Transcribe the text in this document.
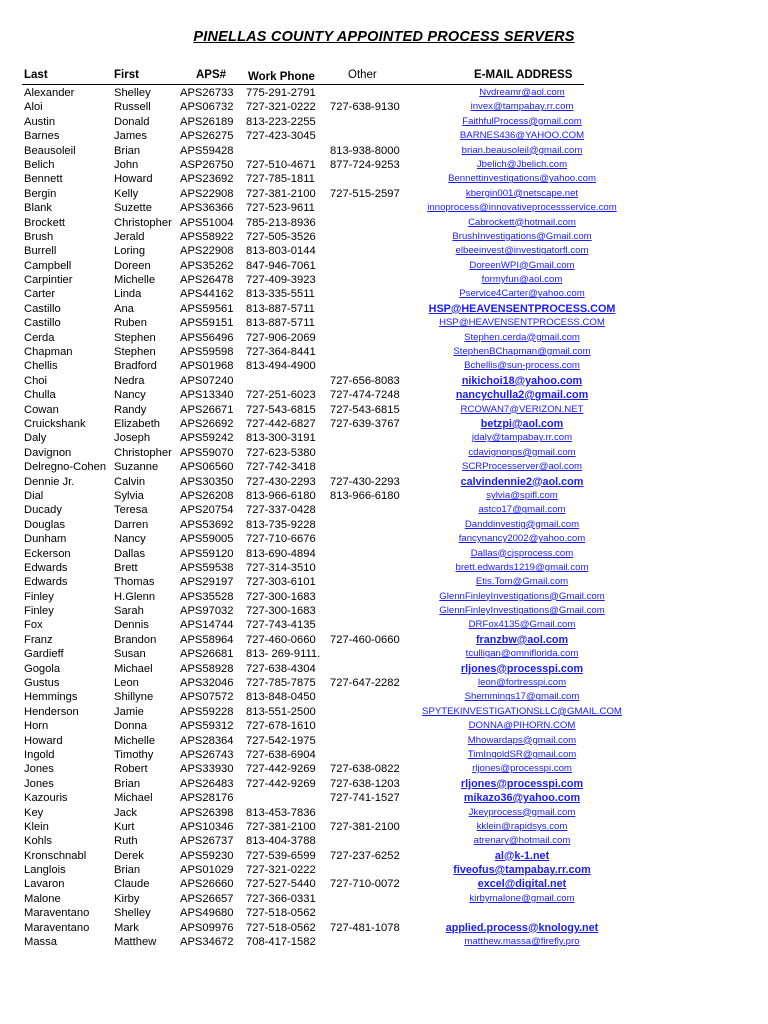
PINELLAS COUNTY APPOINTED PROCESS SERVERS
Last	First	APS# Work Phone	Other	E-MAIL ADDRESS
Alexander	Shelley	APS26733 775-291-2791	Nvdreamr@aol.com
Aloi	Russell	APS06732 727-321-0222 727-638-9130	invex@tampabay.rr.com
Austin	Donald	APS26189 813-223-2255	FaithfulProcess@gmail.com
Barnes	James	APS26275 727-423-3045	BARNES436@YAHOO.COM
Beausoleil	Brian	APS59428	813-938-8000	brian.beausoleil@gmail.com
Belich	John	ASP26750 727-510-4671 877-724-9253	Jbelich@Jbelich.com
Bennett	Howard APS23692 727-785-1811	Bennettinvestigations@yahoo.com
Bergin	Kelly	APS22908 727-381-2100 727-515-2597	kbergin001@netscape.net
Blank	Suzette	APS36366 727-523-9611	innoprocess@innovativeprocessservice.com
Brockett	Christopher APS51004 785-213-8936	Cabrockett@hotmail.com
Brush	Jerald	APS58922 727-505-3526	BrushInvestigations@Gmail.com
Burrell	Loring	APS22908 813-803-0144	elbeeinvest@investigatorfl.com
Campbell	Doreen	APS35262 847-946-7061	DoreenWPI@Gmail.com
Carpintier	Michelle APS26478 727-409-3923	formyfun@aol.com
Carter	Linda	APS44162 813-335-5511	Pservice4Carter@yahoo.com
Castillo	Ana	APS59561 813-887-5711	HSP@HEAVENSENTPROCESS.COM
Castillo	Ruben	APS59151 813-887-5711	HSP@HEAVENSENTPROCESS.COM
Cerda	Stephen APS56496 727-906-2069	Stephen.cerda@gmail.com
Chapman	Stephen APS59598 727-364-8441	StephenBChapman@gmail.com
Chellis	Bradford APS01968 813-494-4900	Bchellis@sun-process.com
Choi	Nedra	APS07240	727-656-8083	nikichoi18@yahoo.com
Chulla	Nancy	APS13340 727-251-6023 727-474-7248	nancychulla2@gmail.com
Cowan	Randy	APS26671 727-543-6815 727-543-6815	RCOWAN7@VERIZON.NET
Cruickshank	Elizabeth APS26692 727-442-6827 727-639-3767	betzpi@aol.com
Daly	Joseph	APS59242 813-300-3191	jdaly@tampabay.rr.com
Davignon	Christopher APS59070 727-623-5380	cdavignonps@gmail.com
Delregno-Cohen Suzanne APS06560 727-742-3418	SCRProcesserver@aol.com
Dennie Jr.	Calvin	APS30350 727-430-2293 727-430-2293	calvindennie2@aol.com
Dial	Sylvia	APS26208 813-966-6180 813-966-6180	sylvia@spifl.com
Ducady	Teresa	APS20754 727-337-0428	astco17@gmail.com
Douglas	Darren	APS53692 813-735-9228	Danddinvestig@gmail.com
Dunham	Nancy	APS59005 727-710-6676	fancynancy2002@yahoo.com
Eckerson	Dallas	APS59120 813-690-4894	Dallas@cjsprocess.com
Edwards	Brett	APS59538 727-314-3510	brett.edwards1219@gmail.com
Edwards	Thomas APS29197 727-303-6101	Etis.Tom@Gmail.com
Finley	H.Glenn APS35528 727-300-1683	GlennFinleyInvestigations@Gmail.com
Finley	Sarah	APS97032 727-300-1683	GlennFinleyInvestigations@Gmail.com
Fox	Dennis	APS14744 727-743-4135	DRFox4135@Gmail.com
Franz	Brandon APS58964 727-460-0660 727-460-0660	franzbw@aol.com
Gardieff	Susan	APS26681 813- 269-9111.	tculligan@omniflorida.com
Gogola	Michael APS58928 727-638-4304	rljones@processpi.com
Gustus	Leon	APS32046 727-785-7875 727-647-2282	leon@fortresspi.com
Hemmings	Shillyne APS07572 813-848-0450	Shemmings17@gmail.com
Henderson	Jamie	APS59228 813-551-2500	SPYTEKINVESTIGATIONSLLC@GMAIL.COM
Horn	Donna	APS59312 727-678-1610	DONNA@PIHORN.COM
Howard	Michelle APS28364 727-542-1975	Mhowardaps@gmail.com
Ingold	Timothy APS26743 727-638-6904	TimIngoldSR@gmail.com
Jones	Robert	APS33930 727-442-9269 727-638-0822	rljones@processpi.com
Jones	Brian	APS26483 727-442-9269 727-638-1203	rljones@processpi.com
Kazouris	Michael APS28176	727-741-1527	mikazo36@yahoo.com
Key	Jack	APS26398 813-453-7836	Jkeyprocess@gmail.com
Klein	Kurt	APS10346 727-381-2100 727-381-2100	kklein@rapidsys.com
Kohls	Ruth	APS26737 813-404-3788	atrenary@hotmail.com
Kronschnabl Derek	APS59230 727-539-6599 727-237-6252	al@k-1.net
Langlois	Brian	APS01029 727-321-0222	fiveofus@tampabay.rr.com
Lavaron	Claude	APS26660 727-527-5440 727-710-0072	excel@digital.net
Malone	Kirby	APS26657 727-366-0331	kirbymalone@gmail.com
Maraventano Shelley	APS49680 727-518-0562
Maraventano Mark	APS09976 727-518-0562 727-481-1078	applied.process@knology.net
Massa	Matthew APS34672 708-417-1582	matthew.massa@firefly.pro
